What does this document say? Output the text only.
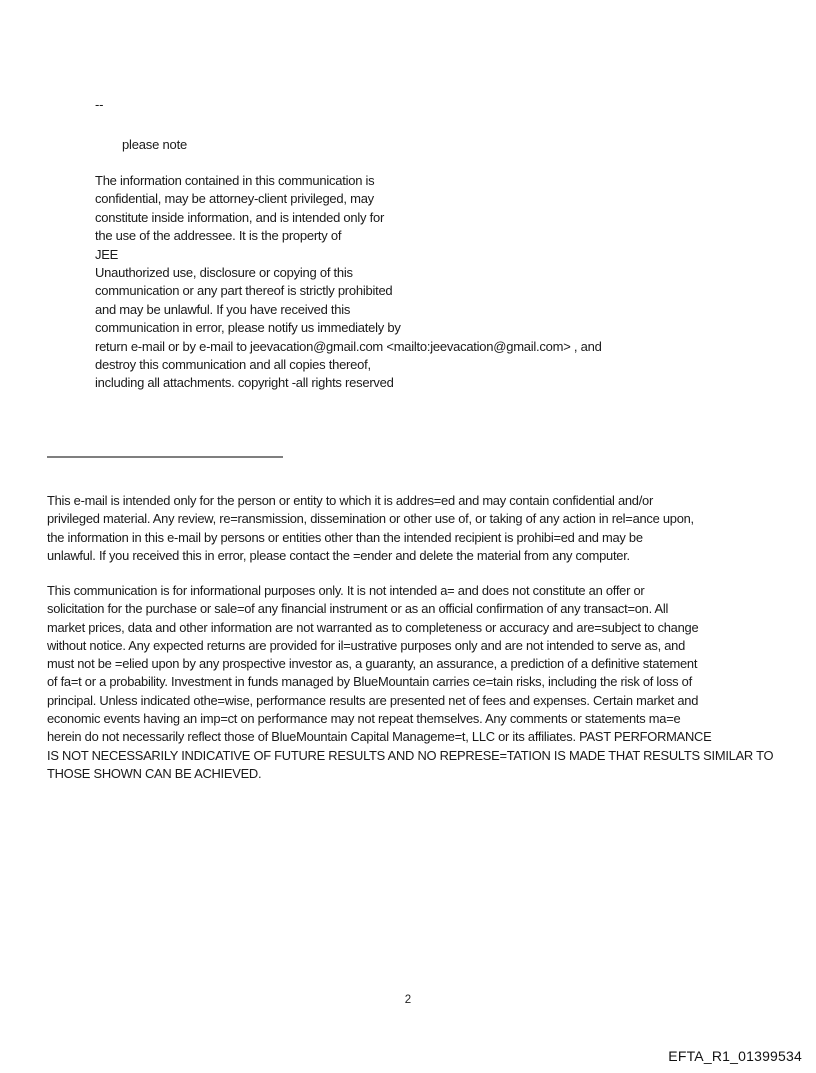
--
please note
The information contained in this communication is
confidential, may be attorney-client privileged, may
constitute inside information, and is intended only for
the use of the addressee. It is the property of
JEE
Unauthorized use, disclosure or copying of this
communication or any part thereof is strictly prohibited
and may be unlawful. If you have received this
communication in error, please notify us immediately by
return e-mail or by e-mail to jeevacation@gmail.com <mailto:jeevacation@gmail.com> , and
destroy this communication and all copies thereof,
including all attachments. copyright -all rights reserved
This e-mail is intended only for the person or entity to which it is addres=ed and may contain confidential and/or
privileged material. Any review, re=ransmission, dissemination or other use of, or taking of any action in rel=ance upon,
the information in this e-mail by persons or entities other than the intended recipient is prohibi=ed and may be
unlawful. If you received this in error, please contact the =ender and delete the material from any computer.
This communication is for informational purposes only. It is not intended a= and does not constitute an offer or
solicitation for the purchase or sale=of any financial instrument or as an official confirmation of any transact=on. All
market prices, data and other information are not warranted as to completeness or accuracy and are=subject to change
without notice. Any expected returns are provided for il=ustrative purposes only and are not intended to serve as, and
must not be =elied upon by any prospective investor as, a guaranty, an assurance, a prediction of a definitive statement
of fa=t or a probability. Investment in funds managed by BlueMountain carries ce=tain risks, including the risk of loss of
principal. Unless indicated othe=wise, performance results are presented net of fees and expenses. Certain market and
economic events having an imp=ct on performance may not repeat themselves. Any comments or statements ma=e
herein do not necessarily reflect those of BlueMountain Capital Manageme=t, LLC or its affiliates. PAST PERFORMANCE
IS NOT NECESSARILY INDICATIVE OF FUTURE RESULTS AND NO REPRESE=TATION IS MADE THAT RESULTS SIMILAR TO
THOSE SHOWN CAN BE ACHIEVED.
2
EFTA_R1_01399534
